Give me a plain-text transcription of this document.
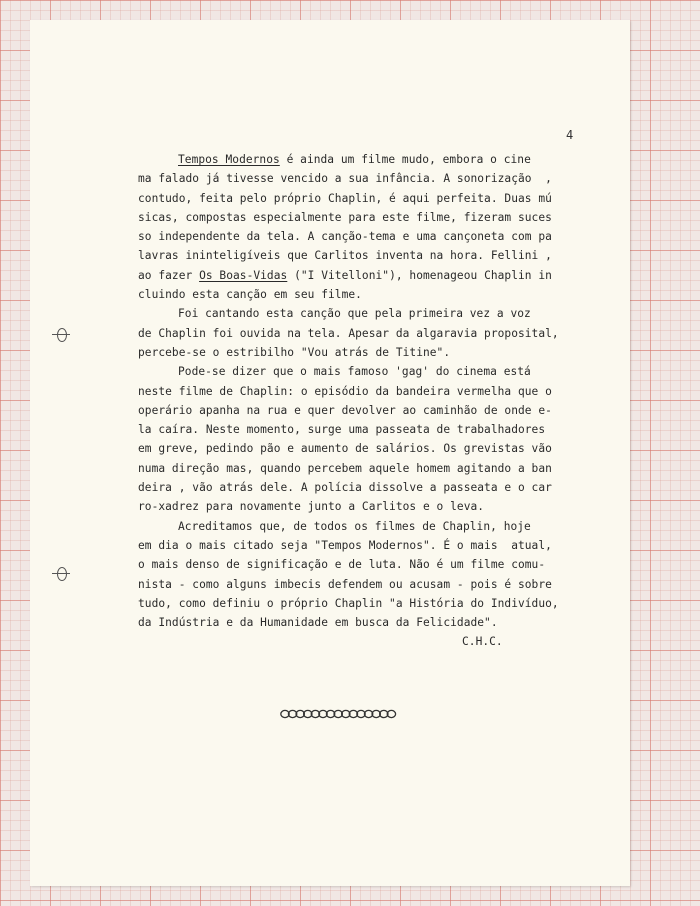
4
Tempos Modernos é ainda um filme mudo, embora o cine
ma falado já tivesse vencido a sua infância. A sonorização  ,
contudo, feita pelo próprio Chaplin, é aqui perfeita. Duas mú
sicas, compostas especialmente para este filme, fizeram suces
so independente da tela. A canção-tema e uma cançoneta com pa
lavras ininteligíveis que Carlitos inventa na hora. Fellini ,
ao fazer Os Boas-Vidas ("I Vitelloni"), homenageou Chaplin in
cluindo esta canção em seu filme.
Foi cantando esta canção que pela primeira vez a voz
de Chaplin foi ouvida na tela. Apesar da algaravia proposital,
percebe-se o estribilho "Vou atrás de Titine".
Pode-se dizer que o mais famoso 'gag' do cinema está
neste filme de Chaplin: o episódio da bandeira vermelha que o
operário apanha na rua e quer devolver ao caminhão de onde e-
la caíra. Neste momento, surge uma passeata de trabalhadores
em greve, pedindo pão e aumento de salários. Os grevistas vão
numa direção mas, quando percebem aquele homem agitando a ban
deira , vão atrás dele. A polícia dissolve a passeata e o car
ro-xadrez para novamente junto a Carlitos e o leva.
Acreditamos que, de todos os filmes de Chaplin, hoje
em dia o mais citado seja "Tempos Modernos". É o mais  atual,
o mais denso de significação e de luta. Não é um filme comu-
nista - como alguns imbecis defendem ou acusam - pois é sobre
tudo, como definiu o próprio Chaplin "a História do Indivíduo,
da Indústria e da Humanidade em busca da Felicidade".
C.H.C.
